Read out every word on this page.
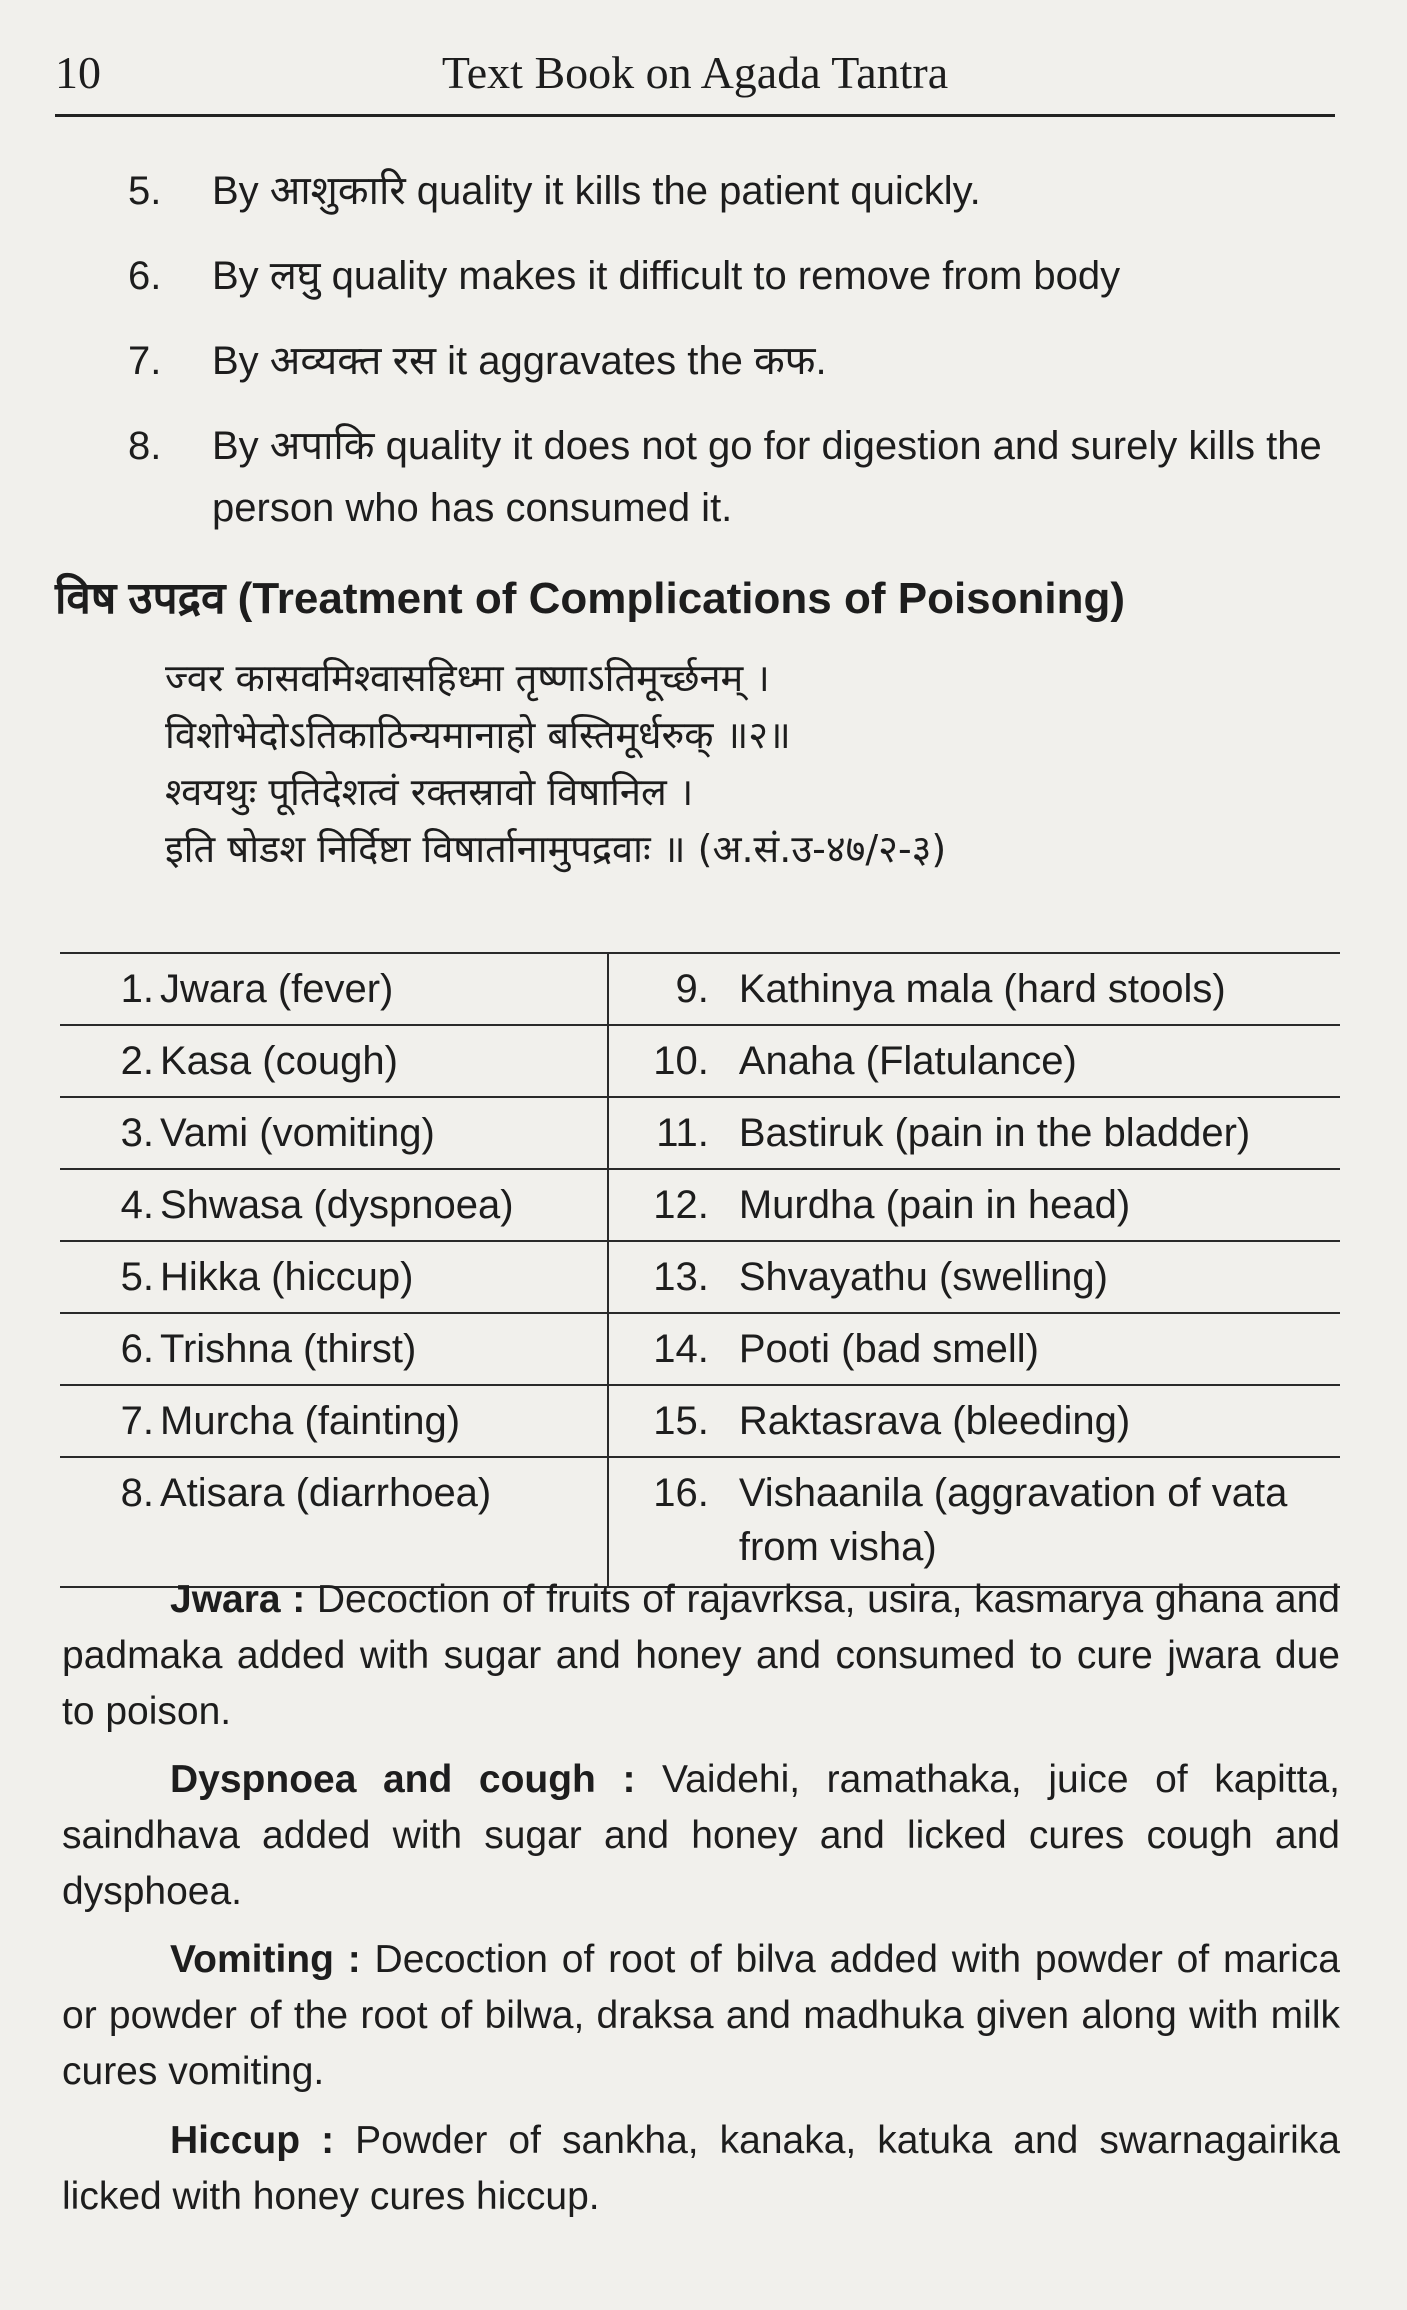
10	Text Book on Agada Tantra
5. By आशुकारि quality it kills the patient quickly.
6. By लघु quality makes it difficult to remove from body
7. By अव्यक्त रस it aggravates the कफ.
8. By अपाकि quality it does not go for digestion and surely kills the person who has consumed it.
विष उपद्रव (Treatment of Complications of Poisoning)
ज्वर कासवमिश्वासहिध्मा तृष्णाऽतिमूर्च्छनम् ।
विशोभेदोऽतिकाठिन्यमानाहो बस्तिमूर्धरुक् ॥२॥
श्वयथुः पूतिदेशत्वं रक्तस्रावो विषानिल ।
इति षोडश निर्दिष्टा विषार्तानामुपद्रवाः ॥ (अ.सं.उ-४७/२-३)
1. Jwara (fever)	9. Kathinya mala (hard stools)

2. Kasa (cough)	10. Anaha (Flatulance)

3. Vami (vomiting)	11. Bastiruk (pain in the bladder)

4. Shwasa (dyspnoea)	12. Murdha (pain in head)

5. Hikka (hiccup)	13. Shvayathu (swelling)

6. Trishna (thirst)	14. Pooti (bad smell)

7. Murcha (fainting)	15. Raktasrava (bleeding)

8. Atisara (diarrhoea)	16. Vishaanila (aggravation of vata from visha)

Jwara : Decoction of fruits of rajavrksa, usira, kasmarya ghana and padmaka added with sugar and honey and consumed to cure jwara due to poison.

Dyspnoea and cough : Vaidehi, ramathaka, juice of kapitta, saindhava added with sugar and honey and licked cures cough and dysphoea.

Vomiting : Decoction of root of bilva added with powder of marica or powder of the root of bilwa, draksa and madhuka given along with milk cures vomiting.

Hiccup : Powder of sankha, kanaka, katuka and swarnagairika licked with honey cures hiccup.
